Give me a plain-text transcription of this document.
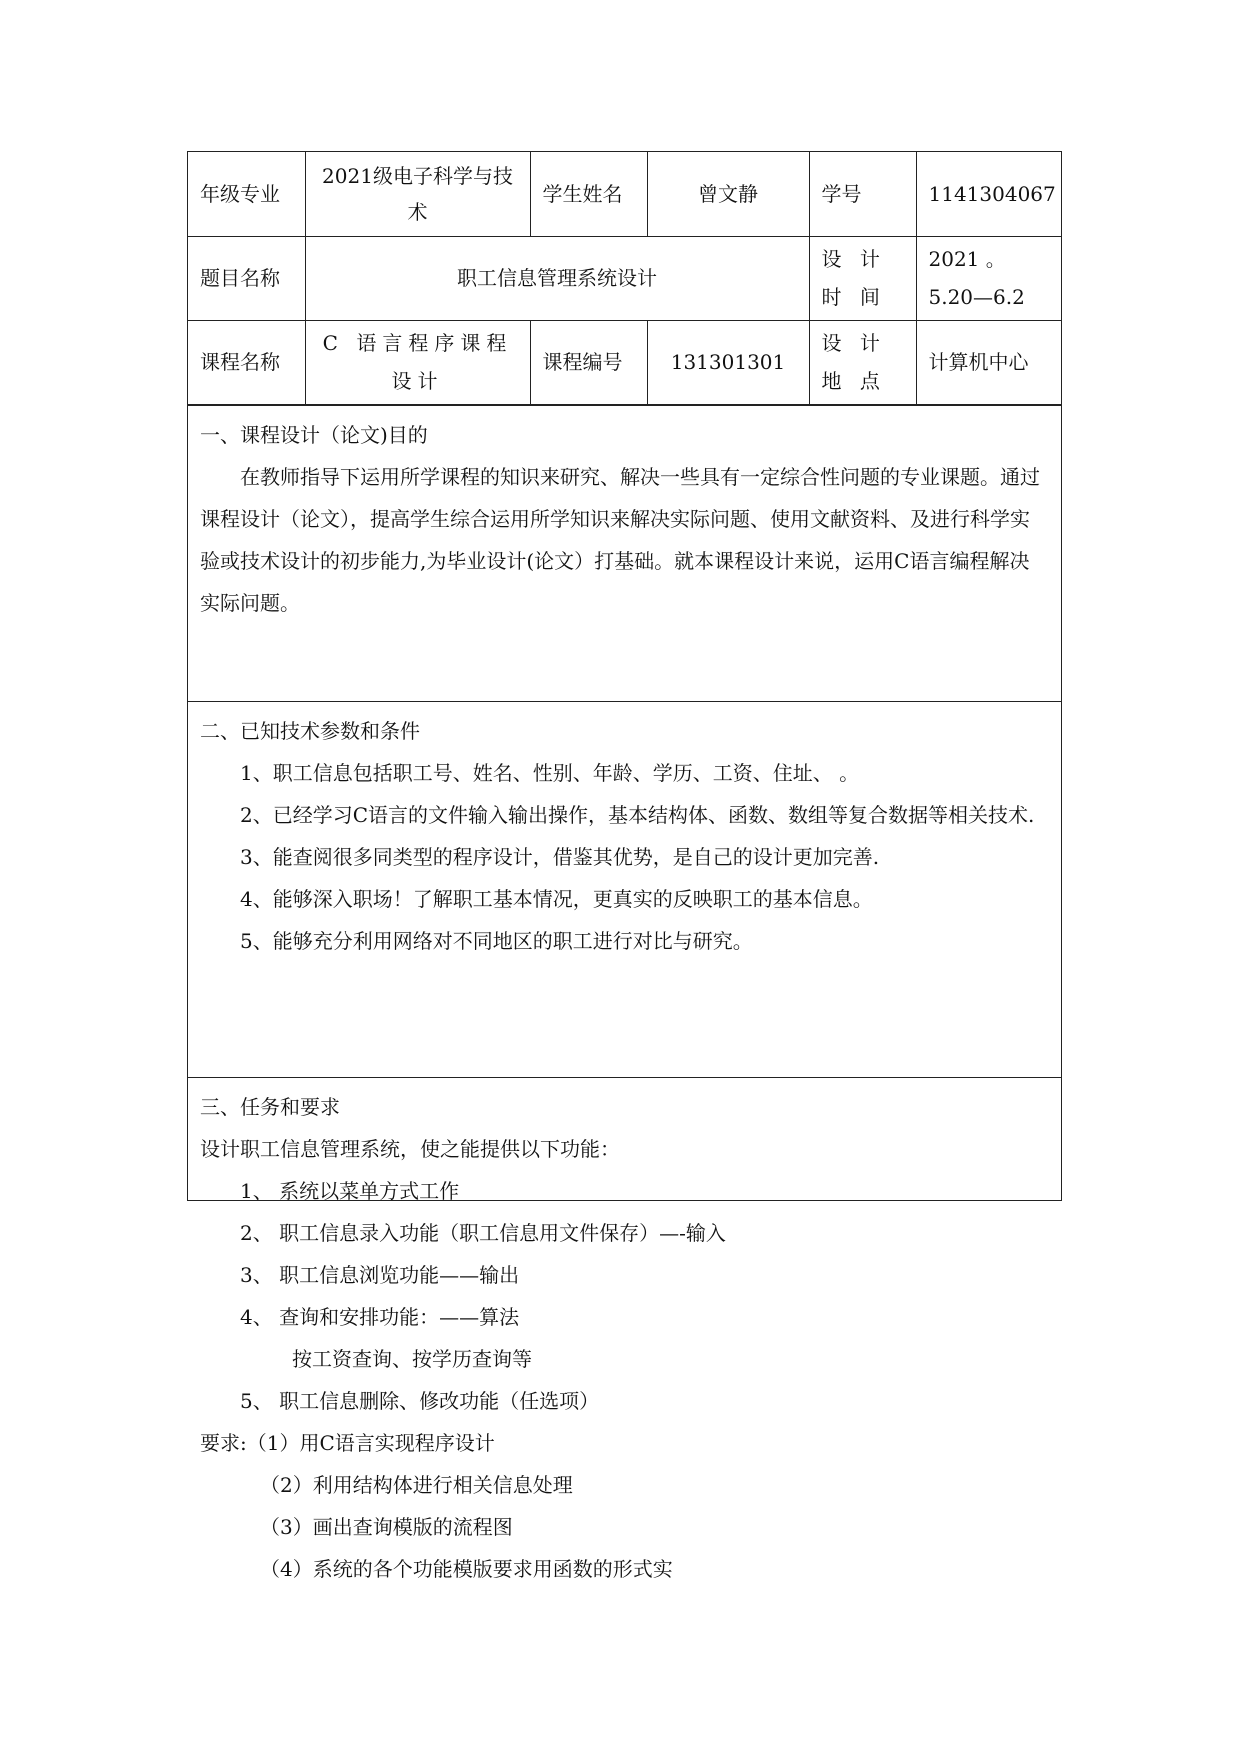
年级专业	2021级电子科学与技术	学生姓名	曾文静	学号	1141304067
题目名称	职工信息管理系统设计			设 计 时 间	2021 。5.20—6.2
课程名称	C 语言程序课程设计	课程编号	131301301	设 计 地 点	计算机中心

一、课程设计（论文)目的

在教师指导下运用所学课程的知识来研究、解决一些具有一定综合性问题的专业课题。通过课程设计（论文），提高学生综合运用所学知识来解决实际问题、使用文献资料、及进行科学实验或技术设计的初步能力,为毕业设计(论文）打基础。就本课程设计来说，运用C语言编程解决实际问题。

二、已知技术参数和条件

1、职工信息包括职工号、姓名、性别、年龄、学历、工资、住址、 。

2、已经学习C语言的文件输入输出操作，基本结构体、函数、数组等复合数据等相关技术.

3、能查阅很多同类型的程序设计，借鉴其优势，是自己的设计更加完善.

4、能够深入职场！了解职工基本情况，更真实的反映职工的基本信息。

5、能够充分利用网络对不同地区的职工进行对比与研究。

三、任务和要求

设计职工信息管理系统，使之能提供以下功能：

1、 系统以菜单方式工作

2、 职工信息录入功能（职工信息用文件保存）—-输入

3、 职工信息浏览功能——输出

4、 查询和安排功能：——算法

按工资查询、按学历查询等

5、 职工信息删除、修改功能（任选项）

要求:（1）用C语言实现程序设计

（2）利用结构体进行相关信息处理

（3）画出查询模版的流程图

（4）系统的各个功能模版要求用函数的形式实
